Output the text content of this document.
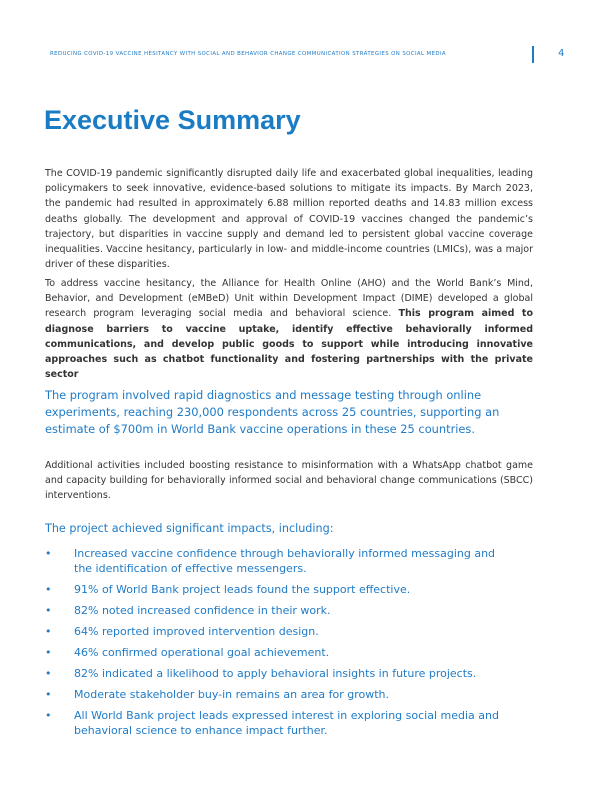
REDUCING COVID-19 VACCINE HESITANCY WITH SOCIAL AND BEHAVIOR CHANGE COMMUNICATION STRATEGIES ON SOCIAL MEDIA	4
Executive Summary

The COVID-19 pandemic significantly disrupted daily life and exacerbated global inequalities, leading policymakers to seek innovative, evidence-based solutions to mitigate its impacts. By March 2023, the pandemic had resulted in approximately 6.88 million reported deaths and 14.83 million excess deaths globally. The development and approval of COVID-19 vaccines changed the pandemic’s trajectory, but disparities in vaccine supply and demand led to persistent global vaccine coverage inequalities. Vaccine hesitancy, particularly in low- and middle-income countries (LMICs), was a major driver of these disparities.

To address vaccine hesitancy, the Alliance for Health Online (AHO) and the World Bank’s Mind, Behavior, and Development (eMBeD) Unit within Development Impact (DIME) developed a global research program leveraging social media and behavioral science. This program aimed to diagnose barriers to vaccine uptake, identify effective behaviorally informed communications, and develop public goods to support while introducing innovative approaches such as chatbot functionality and fostering partnerships with the private sector

The program involved rapid diagnostics and message testing through online experiments, reaching 230,000 respondents across 25 countries, supporting an estimate of $700m in World Bank vaccine operations in these 25 countries.

Additional activities included boosting resistance to misinformation with a WhatsApp chatbot game and capacity building for behaviorally informed social and behavioral change communications (SBCC) interventions.

The project achieved significant impacts, including:

• Increased vaccine confidence through behaviorally informed messaging and the identification of effective messengers.
• 91% of World Bank project leads found the support effective.
• 82% noted increased confidence in their work.
• 64% reported improved intervention design.
• 46% confirmed operational goal achievement.
• 82% indicated a likelihood to apply behavioral insights in future projects.
• Moderate stakeholder buy-in remains an area for growth.
• All World Bank project leads expressed interest in exploring social media and behavioral science to enhance impact further.
